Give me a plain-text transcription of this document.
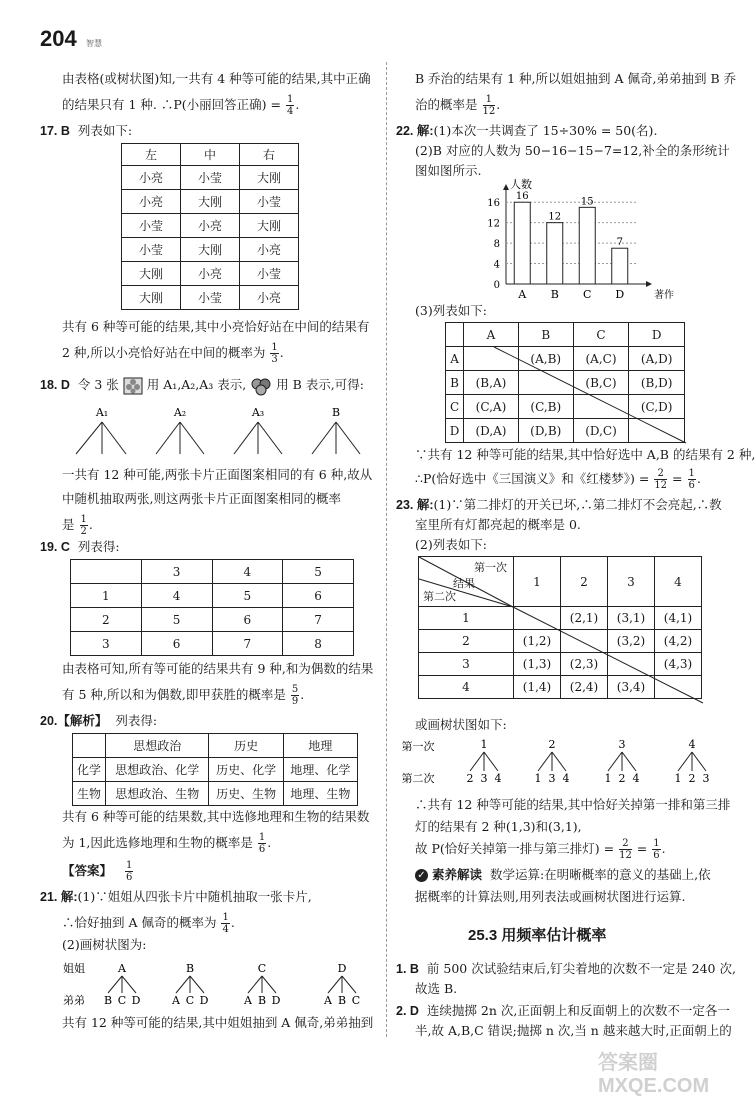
204 智慧
由表格(或树状图)知,一共有 4 种等可能的结果,其中正确
的结果只有 1 种. ∴P(小丽回答正确) = $\frac{1}{4}$ .
17. B 列表如下:
左	中	右
小亮	小莹	大刚
小亮	大刚	小莹
小莹	小亮	大刚
小莹	大刚	小亮
大刚	小亮	小莹
大刚	小莹	小亮
共有 6 种等可能的结果,其中小亮恰好站在中间的结果有
2 种,所以小亮恰好站在中间的概率为 $\frac{1}{3}$ .
18. D 令 3 张 用 A₁,A₂,A₃ 表示, 用 B 表示,可得:
A₁	A₂	A₃	B
一共有 12 种可能,两张卡片正面图案相同的有 6 种,故从
中随机抽取两张,则这两张卡片正面图案相同的概率
是 $\frac{1}{2}$ .
19. C 列表得:
	3	4	5
1	4	5	6
2	5	6	7
3	6	7	8
由表格可知,所有等可能的结果共有 9 种,和为偶数的结果
有 5 种,所以和为偶数,即甲获胜的概率是 $\frac{5}{9}$ .
20.【解析】 列表得:
	思想政治	历史	地理
化学	思想政治、化学	历史、化学	地理、化学
生物	思想政治、生物	历史、生物	地理、生物
共有 6 种等可能的结果数,其中选修地理和生物的结果数
为 1,因此选修地理和生物的概率是 $\frac{1}{6}$ .
【答案】 $\frac{1}{6}$
21. 解:(1)∵姐姐从四张卡片中随机抽取一张卡片,
∴恰好抽到 A 佩奇的概率为 $\frac{1}{4}$ .
(2)画树状图为:
姐姐
弟弟
A	B	C	D
B C D	A C D	A B D	A B C
共有 12 种等可能的结果,其中姐姐抽到 A 佩奇,弟弟抽到
B 乔治的结果有 1 种,所以姐姐抽到 A 佩奇,弟弟抽到 B 乔
治的概率是 $\frac{1}{12}$ .
22. 解:(1)本次一共调查了 15÷30% = 50(名).
(2)B 对应的人数为 50−16−15−7=12,补全的条形统计
图如图所示.
人数
著作
0
4
8
12
16
16
A
12
B
15
C
7
D
(3)列表如下:
	A	B	C	D
A		(A,B)	(A,C)	(A,D)
B	(B,A)		(B,C)	(B,D)
C	(C,A)	(C,B)		(C,D)
D	(D,A)	(D,B)	(D,C)	
∵共有 12 种等可能的结果,其中恰好选中 A,B 的结果有 2 种,
∴P(恰好选中《三国演义》和《红楼梦》) = $\frac{2}{12} = \frac{1}{6}$ .
23. 解:(1)∵第二排灯的开关已坏,∴第二排灯不会亮起,∴教
室里所有灯都亮起的概率是 0.
(2)列表如下:
第一次
结果
第二次	1	2	3	4
1		(2,1)	(3,1)	(4,1)
2	(1,2)		(3,2)	(4,2)
3	(1,3)	(2,3)		(4,3)
4	(1,4)	(2,4)	(3,4)	
或画树状图如下:
第一次
第二次
1	2	3	4
2 3 4	1 3 4	1 2 4	1 2 3
∴共有 12 种等可能的结果,其中恰好关掉第一排和第三排
灯的结果有 2 种(1,3)和(3,1),
故 P(恰好关掉第一排与第三排灯) = $\frac{2}{12} = \frac{1}{6}$ .
✓ 素养解读 数学运算:在明晰概率的意义的基础上,依
据概率的计算法则,用列表法或画树状图进行运算.
25.3 用频率估计概率
1. B 前 500 次试验结束后,钉尖着地的次数不一定是 240 次,
故选 B.
2. D 连续抛掷 2n 次,正面朝上和反面朝上的次数不一定各一
半,故 A,B,C 错误;抛掷 n 次,当 n 越来越大时,正面朝上的
答案圈 MXQE.COM
